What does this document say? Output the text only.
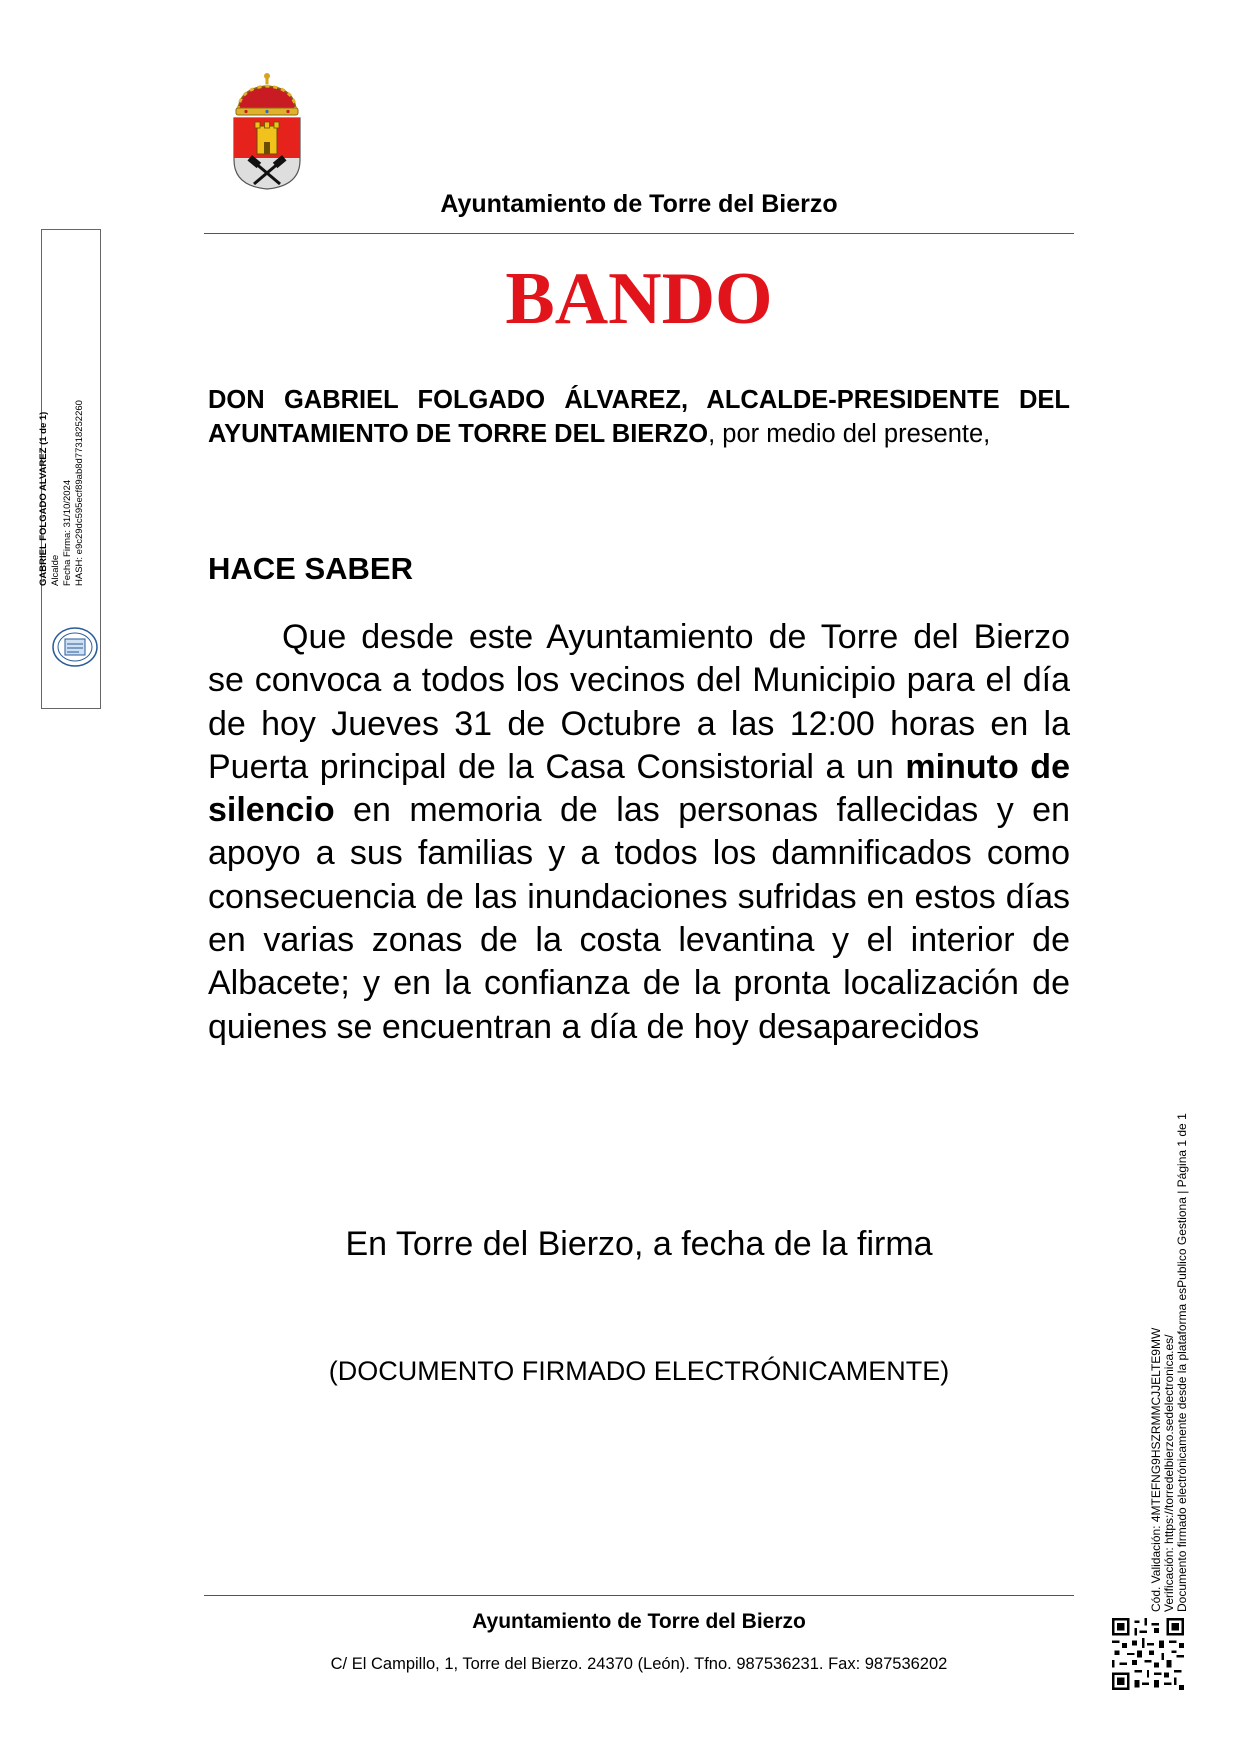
Ayuntamiento de Torre del Bierzo
BANDO
DON GABRIEL FOLGADO ÁLVAREZ, ALCALDE-PRESIDENTE DEL AYUNTAMIENTO DE TORRE DEL BIERZO, por medio del presente,
HACE SABER
Que desde este Ayuntamiento de Torre del Bierzo se convoca a todos los vecinos del Municipio para el día de hoy Jueves 31 de Octubre a las 12:00 horas en la Puerta principal de la Casa Consistorial a un minuto de silencio en memoria de las personas fallecidas y en apoyo a sus familias y a todos los damnificados como consecuencia de las inundaciones sufridas en estos días en varias zonas de la costa levantina y el interior de Albacete; y en la confianza de la pronta localización de quienes se encuentran a día de hoy desaparecidos
En Torre del Bierzo, a fecha de la firma
(DOCUMENTO FIRMADO ELECTRÓNICAMENTE)
Ayuntamiento de Torre del Bierzo
C/ El Campillo, 1, Torre del Bierzo. 24370 (León). Tfno. 987536231. Fax: 987536202
GABRIEL FOLGADO ALVAREZ (1 de 1) Alcalde Fecha Firma: 31/10/2024 HASH: e9c29dc595ecf89ab8d77318252260
Cód. Validación: 4MTEFNG9HSZRMMCJJELTE9MW Verificación: https://torredelbierzo.sedelectronica.es/ Documento firmado electrónicamente desde la plataforma esPublico Gestiona | Página 1 de 1
